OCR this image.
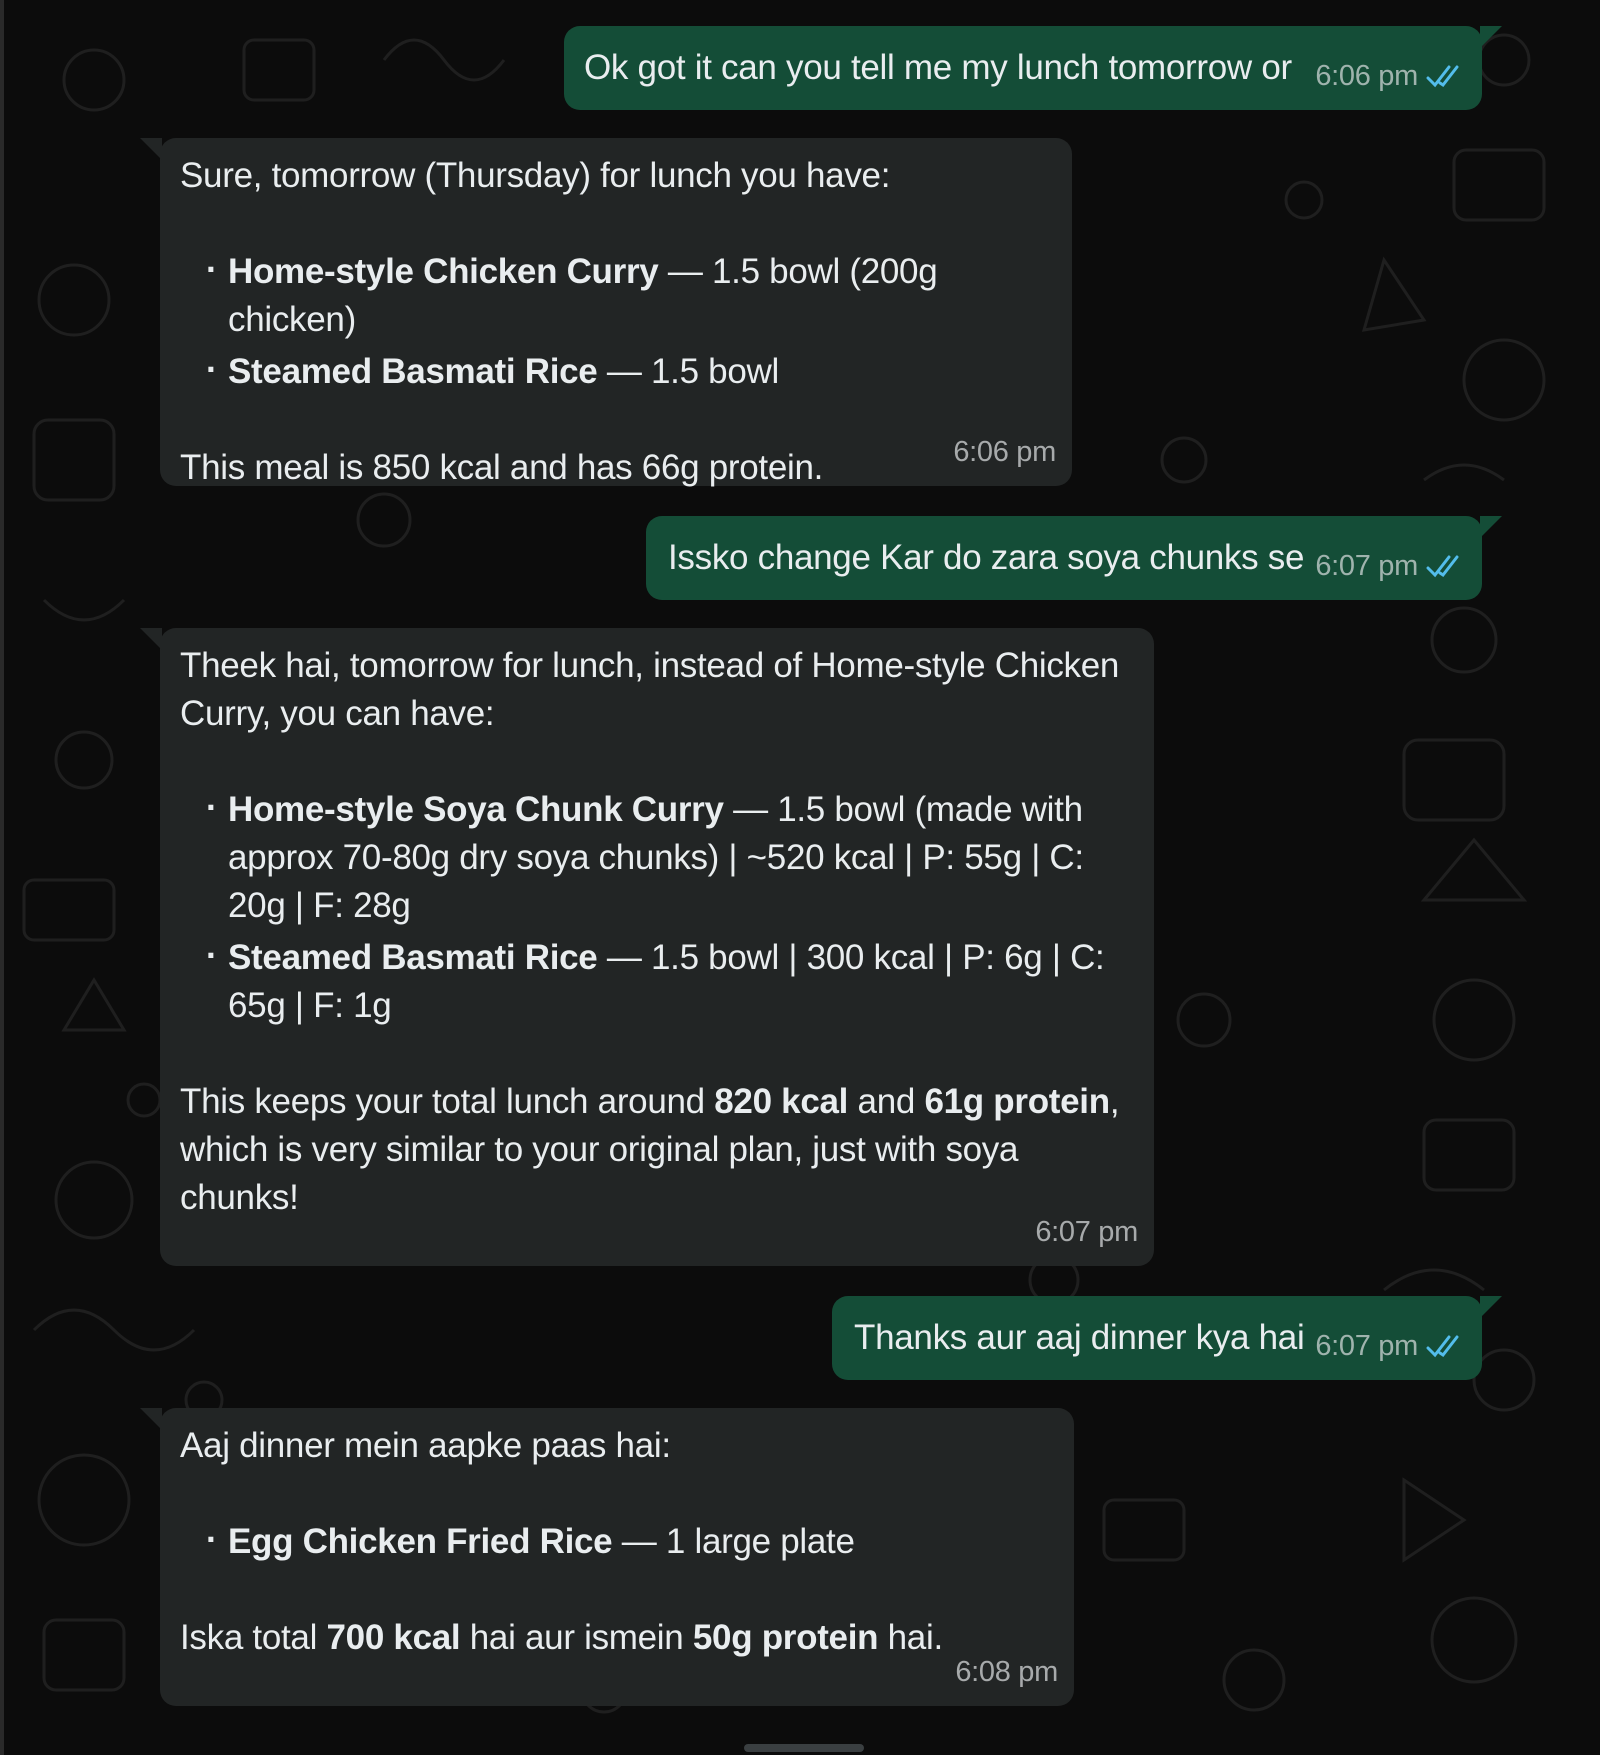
Ok got it can you tell me my lunch tomorrow or 6:06 pm

Sure, tomorrow (Thursday) for lunch you have:

· Home-style Chicken Curry — 1.5 bowl (200g chicken)
· Steamed Basmati Rice — 1.5 bowl

This meal is 850 kcal and has 66g protein.	6:06 pm
Issko change Kar do zara soya chunks se 6:07 pm

Theek hai, tomorrow for lunch, instead of Home-style Chicken Curry, you can have:

· Home-style Soya Chunk Curry — 1.5 bowl (made with approx 70-80g dry soya chunks) | ~520 kcal | P: 55g | C: 20g | F: 28g
· Steamed Basmati Rice — 1.5 bowl | 300 kcal | P: 6g | C: 65g | F: 1g

This keeps your total lunch around 820 kcal and 61g protein, which is very similar to your original plan, just with soya chunks!

6:07 pm
Thanks aur aaj dinner kya hai 6:07 pm

Aaj dinner mein aapke paas hai:

· Egg Chicken Fried Rice — 1 large plate

Iska total 700 kcal hai aur ismein 50g protein hai.

6:08 pm
